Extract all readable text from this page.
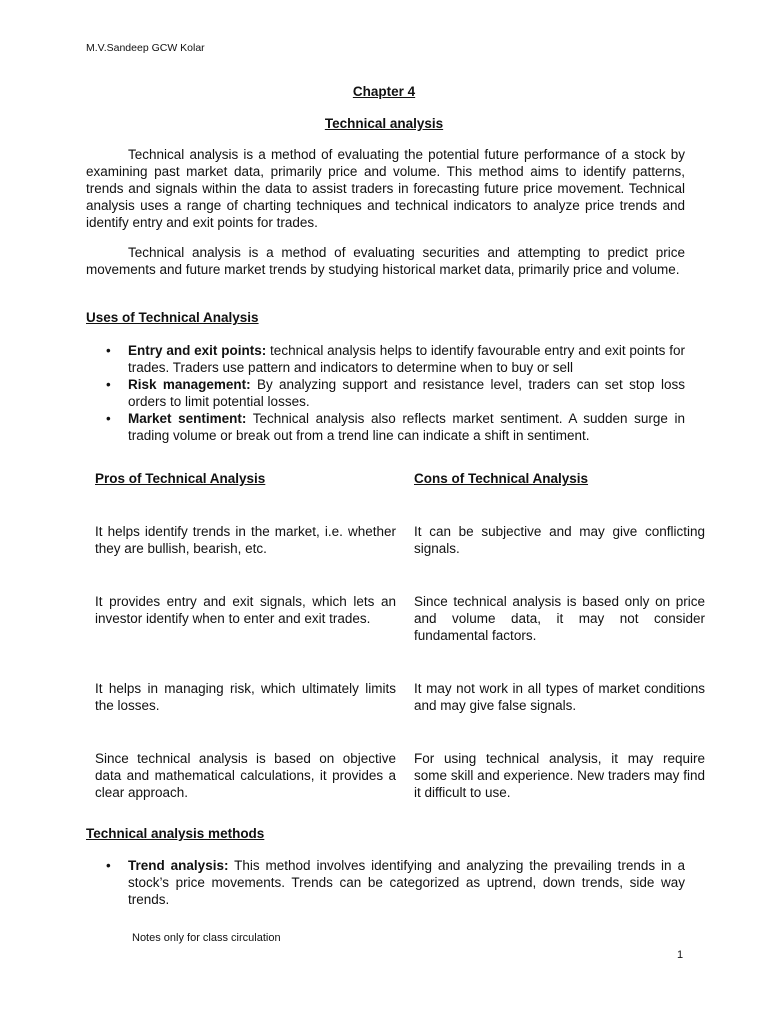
M.V.Sandeep GCW Kolar
Chapter 4
Technical analysis

Technical analysis is a method of evaluating the potential future performance of a stock by examining past market data, primarily price and volume. This method aims to identify patterns, trends and signals within the data to assist traders in forecasting future price movement. Technical analysis uses a range of charting techniques and technical indicators to analyze price trends and identify entry and exit points for trades.

Technical analysis is a method of evaluating securities and attempting to predict price movements and future market trends by studying historical market data, primarily price and volume.

Uses of Technical Analysis
• Entry and exit points: technical analysis helps to identify favourable entry and exit points for trades. Traders use pattern and indicators to determine when to buy or sell
• Risk management: By analyzing support and resistance level, traders can set stop loss orders to limit potential losses.
• Market sentiment: Technical analysis also reflects market sentiment. A sudden surge in trading volume or break out from a trend line can indicate a shift in sentiment.
Pros of Technical Analysis	Cons of Technical Analysis
It helps identify trends in the market, i.e. whether they are bullish, bearish, etc.
It can be subjective and may give conflicting signals.
It provides entry and exit signals, which lets an investor identify when to enter and exit trades.
Since technical analysis is based only on price and volume data, it may not consider fundamental factors.
It helps in managing risk, which ultimately limits the losses.
It may not work in all types of market conditions and may give false signals.
Since technical analysis is based on objective data and mathematical calculations, it provides a clear approach.
For using technical analysis, it may require some skill and experience. New traders may find it difficult to use.
Technical analysis methods
• Trend analysis: This method involves identifying and analyzing the prevailing trends in a stock’s price movements. Trends can be categorized as uptrend, down trends, side way trends.
Notes only for class circulation
1
